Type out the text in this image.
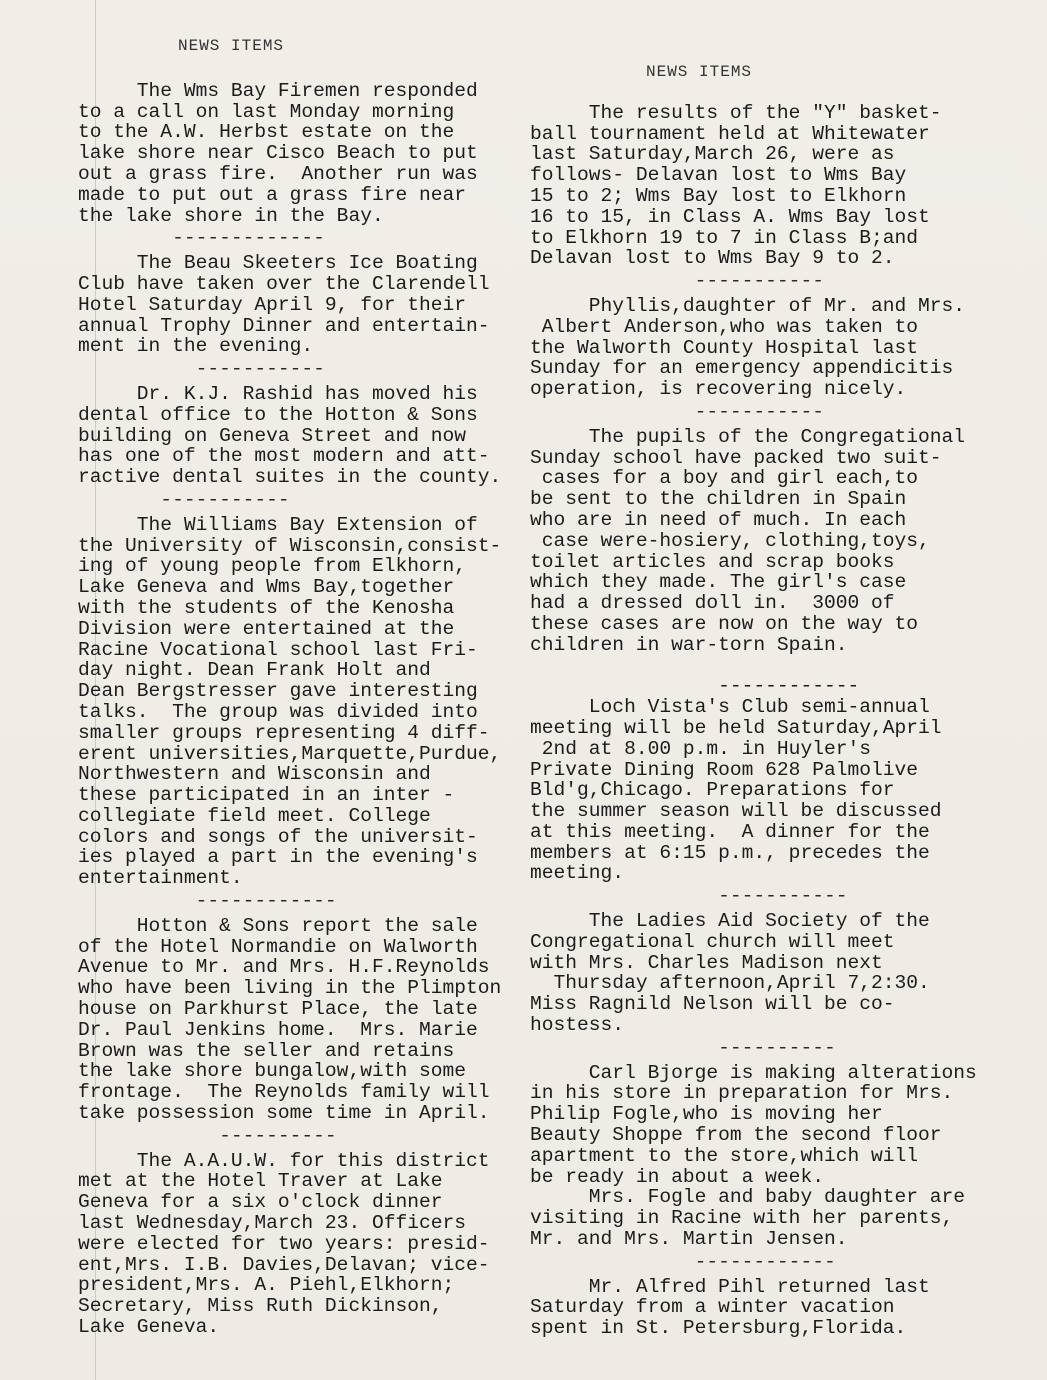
NEWS ITEMS
The Wms Bay Firemen responded
to a call on last Monday morning
to the A.W. Herbst estate on the
lake shore near Cisco Beach to put
out a grass fire.  Another run was
made to put out a grass fire near
the lake shore in the Bay.
-------------
The Beau Skeeters Ice Boating
Club have taken over the Clarendell
Hotel Saturday April 9, for their
annual Trophy Dinner and entertain-
ment in the evening.
-----------
Dr. K.J. Rashid has moved his
dental office to the Hotton & Sons
building on Geneva Street and now
has one of the most modern and att-
ractive dental suites in the county.
-----------
The Williams Bay Extension of
the University of Wisconsin,consist-
ing of young people from Elkhorn,
Lake Geneva and Wms Bay,together
with the students of the Kenosha
Division were entertained at the
Racine Vocational school last Fri-
day night. Dean Frank Holt and
Dean Bergstresser gave interesting
talks.  The group was divided into
smaller groups representing 4 diff-
erent universities,Marquette,Purdue,
Northwestern and Wisconsin and
these participated in an inter -
collegiate field meet. College
colors and songs of the universit-
ies played a part in the evening's
entertainment.
------------
Hotton & Sons report the sale
of the Hotel Normandie on Walworth
Avenue to Mr. and Mrs. H.F.Reynolds
who have been living in the Plimpton
house on Parkhurst Place, the late
Dr. Paul Jenkins home.  Mrs. Marie
Brown was the seller and retains
the lake shore bungalow,with some
frontage.  The Reynolds family will
take possession some time in April.
----------
The A.A.U.W. for this district
met at the Hotel Traver at Lake
Geneva for a six o'clock dinner
last Wednesday,March 23. Officers
were elected for two years: presid-
ent,Mrs. I.B. Davies,Delavan; vice-
president,Mrs. A. Piehl,Elkhorn;
Secretary, Miss Ruth Dickinson,
Lake Geneva.
NEWS ITEMS
The results of the "Y" basket-
ball tournament held at Whitewater
last Saturday,March 26, were as
follows- Delavan lost to Wms Bay
15 to 2; Wms Bay lost to Elkhorn
16 to 15, in Class A. Wms Bay lost
to Elkhorn 19 to 7 in Class B;and
Delavan lost to Wms Bay 9 to 2.
-----------
Phyllis,daughter of Mr. and Mrs.
Albert Anderson,who was taken to
the Walworth County Hospital last
Sunday for an emergency appendicitis
operation, is recovering nicely.
-----------
The pupils of the Congregational
Sunday school have packed two suit-
cases for a boy and girl each,to
be sent to the children in Spain
who are in need of much. In each
case were-hosiery, clothing,toys,
toilet articles and scrap books
which they made. The girl's case
had a dressed doll in.  3000 of
these cases are now on the way to
children in war-torn Spain.

------------
Loch Vista's Club semi-annual
meeting will be held Saturday,April
2nd at 8.00 p.m. in Huyler's
Private Dining Room 628 Palmolive
Bld'g,Chicago. Preparations for
the summer season will be discussed
at this meeting.  A dinner for the
members at 6:15 p.m., precedes the
meeting.
-----------
The Ladies Aid Society of the
Congregational church will meet
with Mrs. Charles Madison next
Thursday afternoon,April 7,2:30.
Miss Ragnild Nelson will be co-
hostess.
----------
Carl Bjorge is making alterations
in his store in preparation for Mrs.
Philip Fogle,who is moving her
Beauty Shoppe from the second floor
apartment to the store,which will
be ready in about a week.
Mrs. Fogle and baby daughter are
visiting in Racine with her parents,
Mr. and Mrs. Martin Jensen.
------------
Mr. Alfred Pihl returned last
Saturday from a winter vacation
spent in St. Petersburg,Florida.
